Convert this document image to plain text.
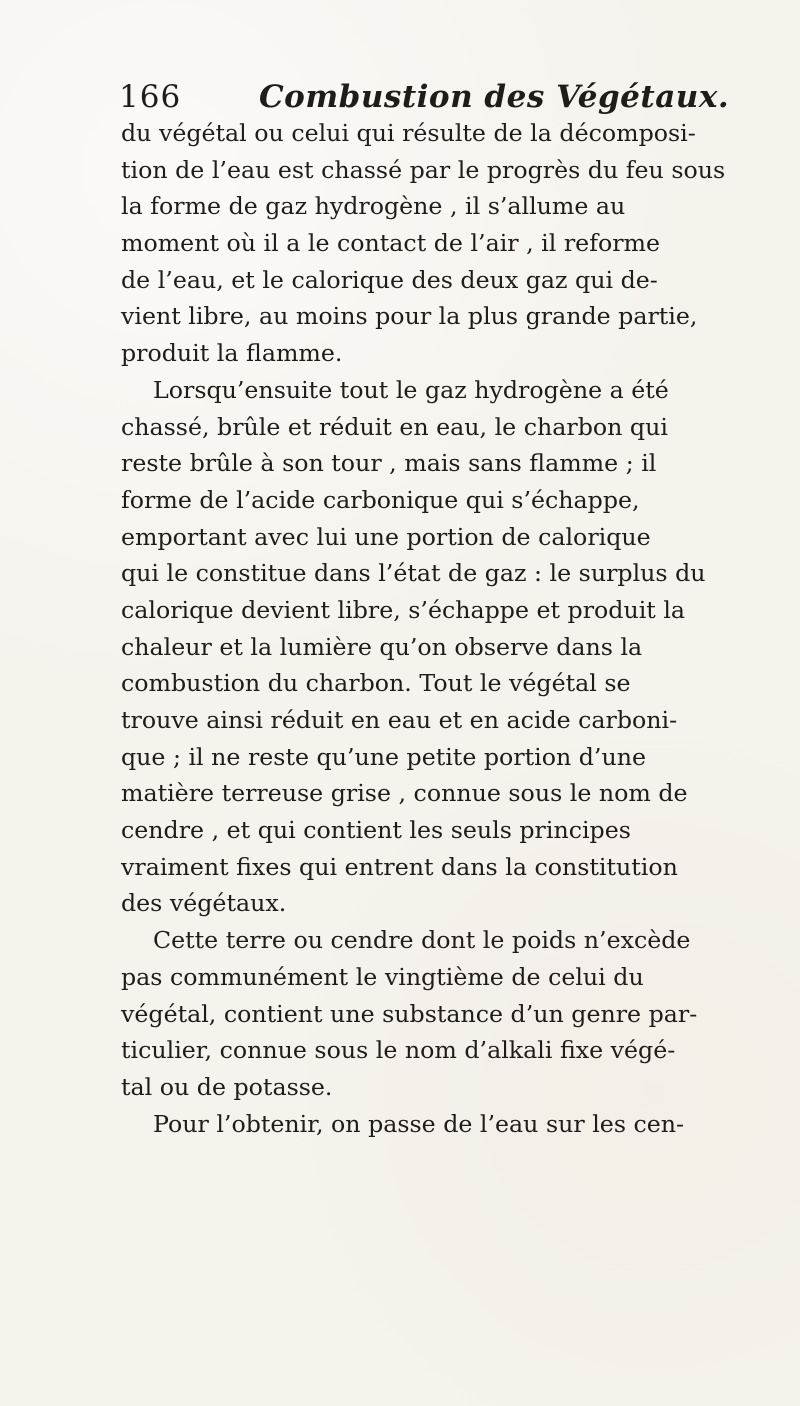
166	Combustion des Végétaux.
du végétal ou celui qui résulte de la décomposi-
tion de l’eau est chassé par le progrès du feu sous
la forme de gaz hydrogène , il s’allume au
moment où il a le contact de l’air , il reforme
de l’eau, et le calorique des deux gaz qui de-
vient libre, au moins pour la plus grande partie,
produit la flamme.
Lorsqu’ensuite tout le gaz hydrogène a été
chassé, brûle et réduit en eau, le charbon qui
reste brûle à son tour , mais sans flamme ; il
forme de l’acide carbonique qui s’échappe,
emportant avec lui une portion de calorique
qui le constitue dans l’état de gaz : le surplus du
calorique devient libre, s’échappe et produit la
chaleur et la lumière qu’on observe dans la
combustion du charbon. Tout le végétal se
trouve ainsi réduit en eau et en acide carboni-
que ; il ne reste qu’une petite portion d’une
matière terreuse grise , connue sous le nom de
cendre , et qui contient les seuls principes
vraiment fixes qui entrent dans la constitution
des végétaux.
Cette terre ou cendre dont le poids n’excède
pas communément le vingtième de celui du
végétal, contient une substance d’un genre par-
ticulier, connue sous le nom d’alkali fixe végé-
tal ou de potasse.
Pour l’obtenir, on passe de l’eau sur les cen-
